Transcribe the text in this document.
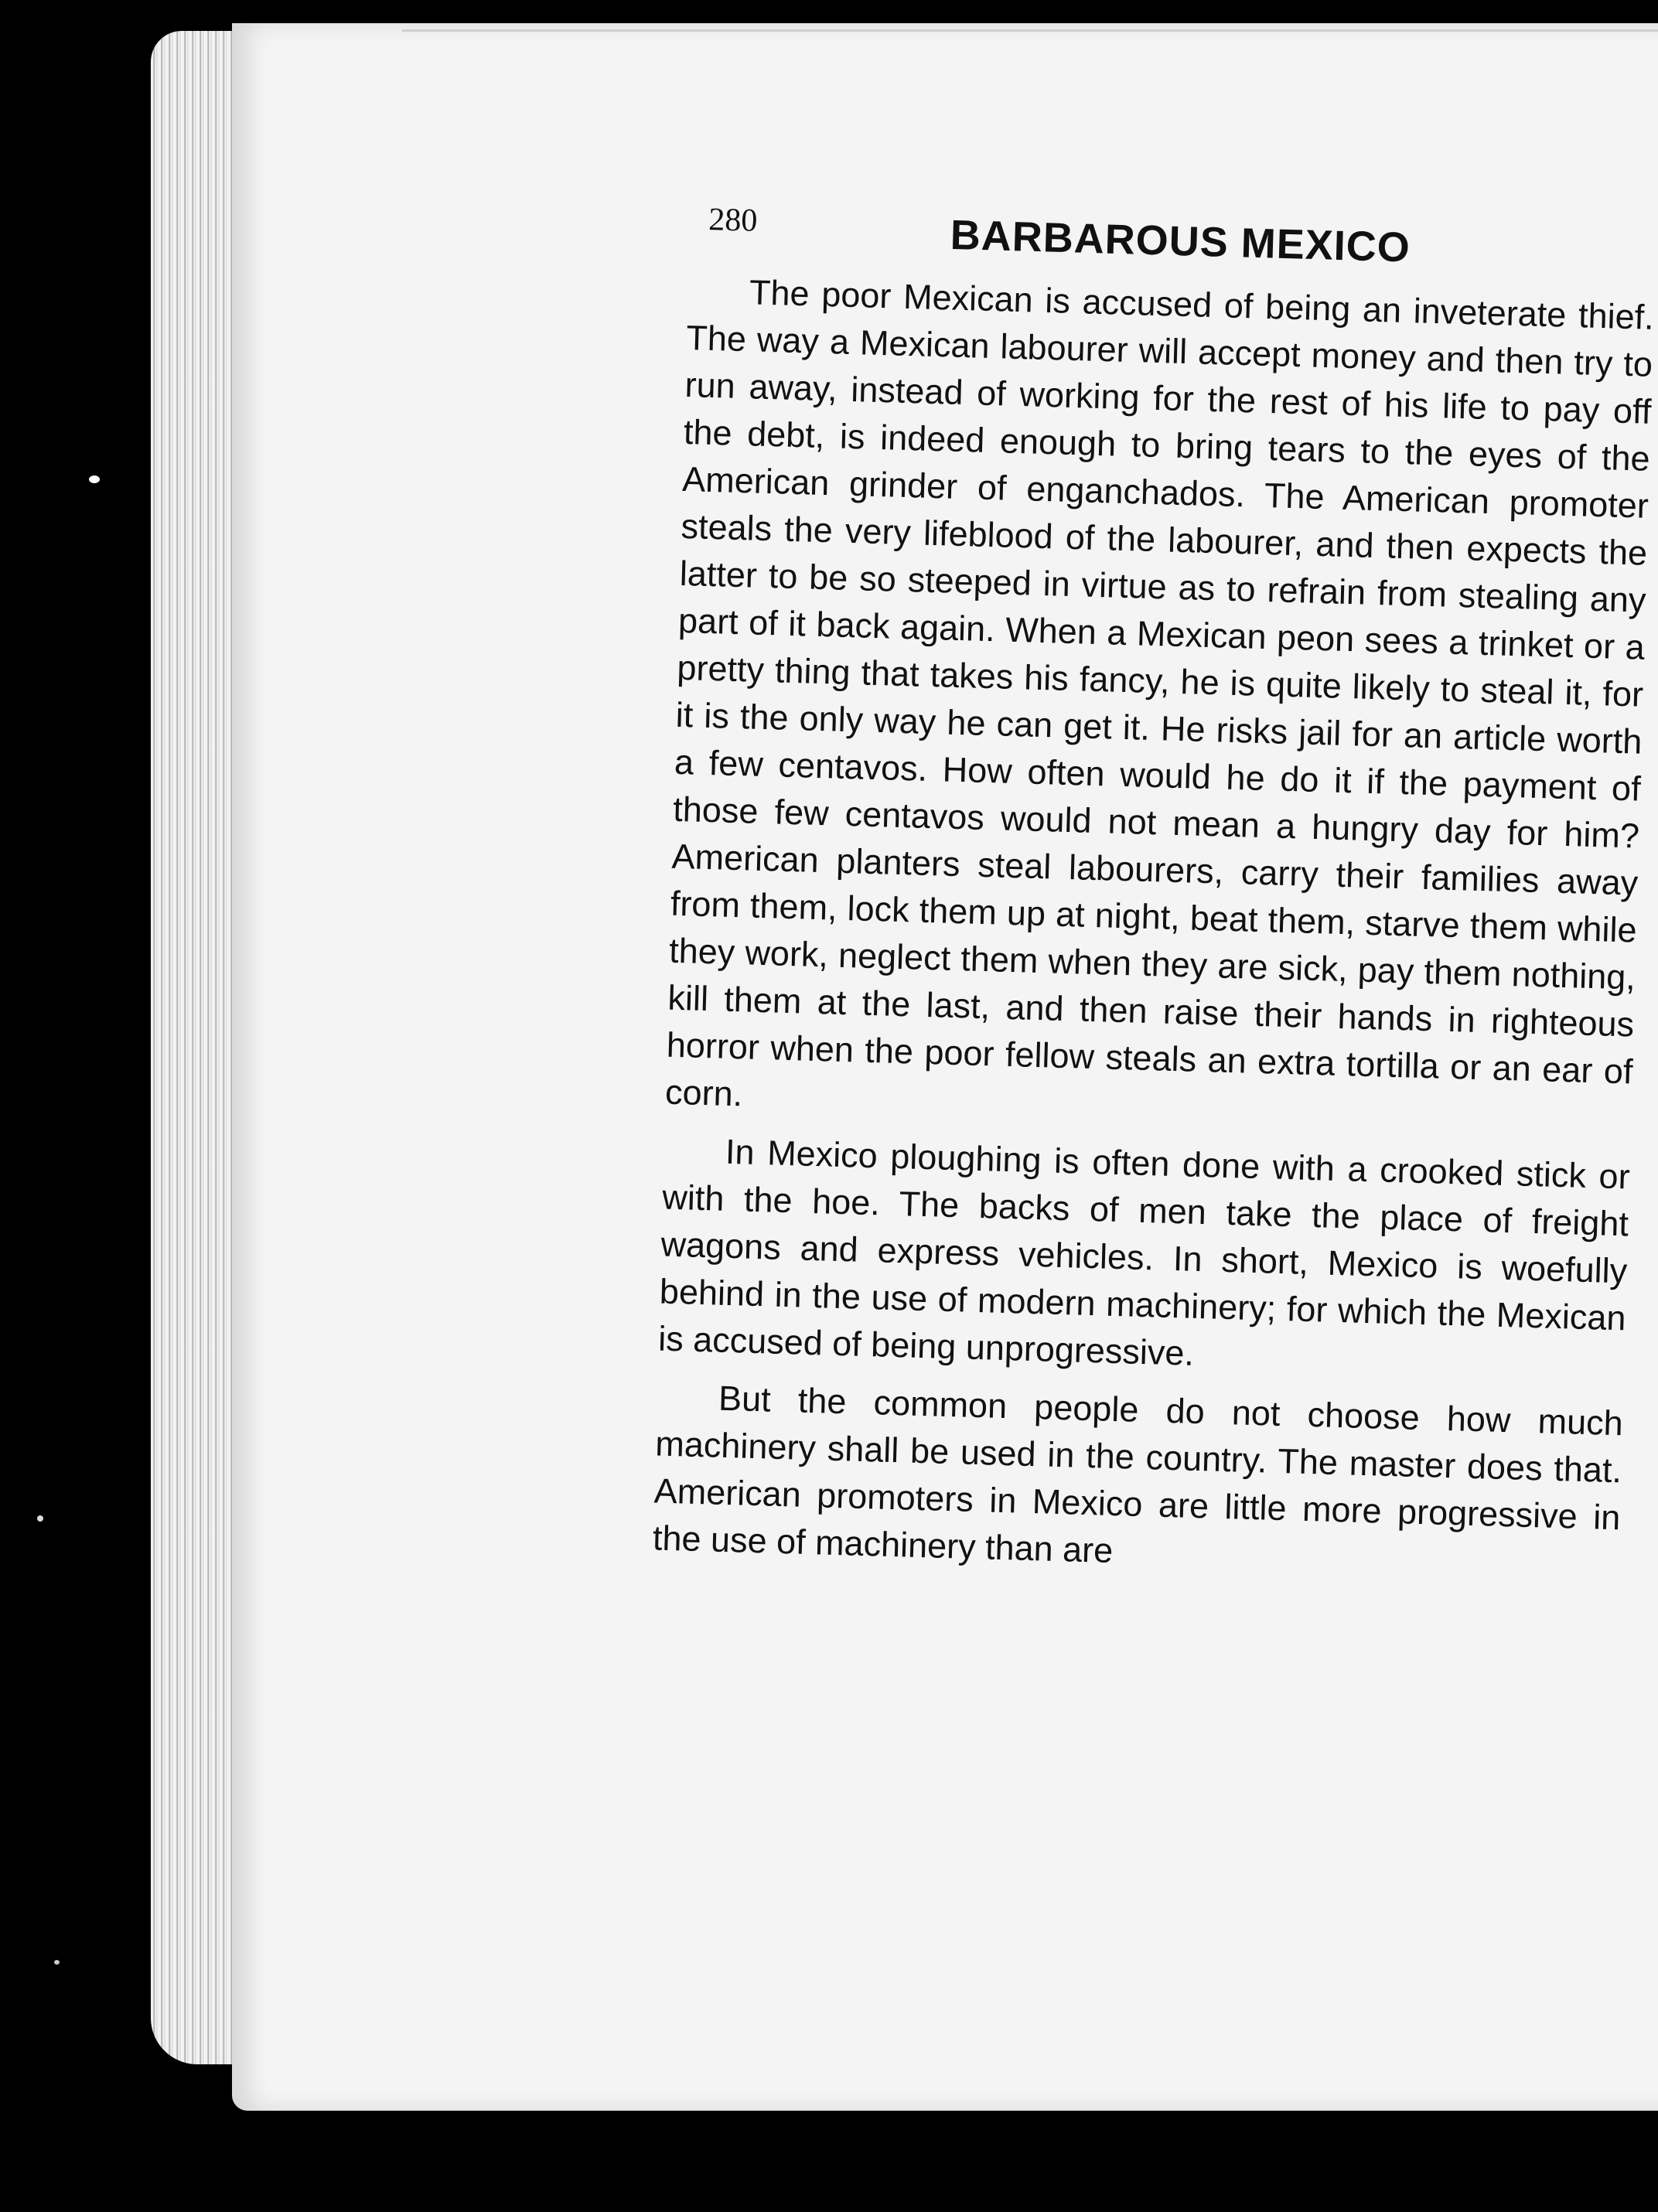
280	BARBAROUS MEXICO

The poor Mexican is accused of being an inveterate thief. The way a Mexican labourer will accept money and then try to run away, instead of working for the rest of his life to pay off the debt, is indeed enough to bring tears to the eyes of the American grinder of enganchados. The American promoter steals the very lifeblood of the labourer, and then expects the latter to be so steeped in virtue as to refrain from stealing any part of it back again. When a Mexican peon sees a trinket or a pretty thing that takes his fancy, he is quite likely to steal it, for it is the only way he can get it. He risks jail for an article worth a few centavos. How often would he do it if the payment of those few centavos would not mean a hungry day for him? American planters steal labourers, carry their families away from them, lock them up at night, beat them, starve them while they work, neglect them when they are sick, pay them nothing, kill them at the last, and then raise their hands in righteous horror when the poor fellow steals an extra tortilla or an ear of corn.

In Mexico ploughing is often done with a crooked stick or with the hoe. The backs of men take the place of freight wagons and express vehicles. In short, Mexico is woefully behind in the use of modern machinery; for which the Mexican is accused of being unprogressive.

But the common people do not choose how much machinery shall be used in the country. The master does that. American promoters in Mexico are little more progressive in the use of machinery than are
